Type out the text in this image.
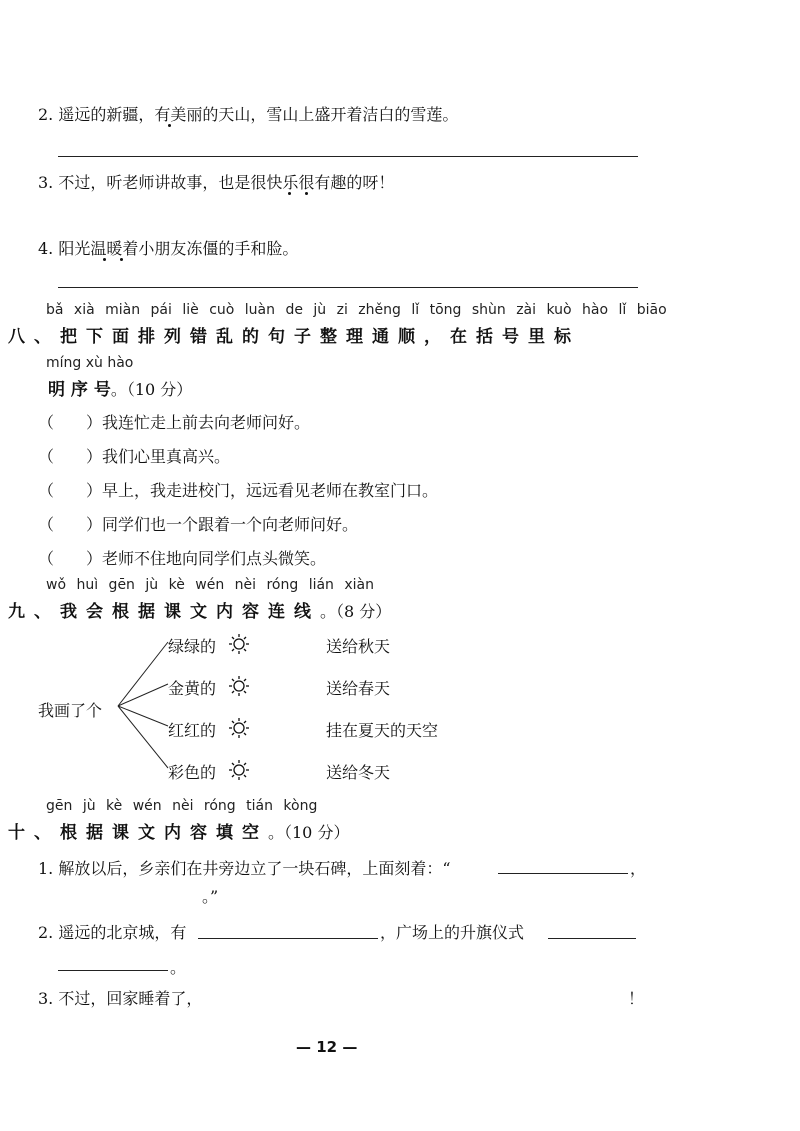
2. 遥远的新疆，有美丽的天山，雪山上盛开着洁白的雪莲。
3. 不过，听老师讲故事，也是很快乐很有趣的呀！
4. 阳光温暖着小朋友冻僵的手和脸。
bǎ xià miàn pái liè cuò luàn de jù zi zhěng lǐ tōng shùn zài kuò hào lǐ biāo
八、把下面排列错乱的句子整理通顺，在括号里标
míng xù hào
明 序 号。（10 分）
（　　）我连忙走上前去向老师问好。
（　　）我们心里真高兴。
（　　）早上，我走进校门，远远看见老师在教室门口。
（　　）同学们也一个跟着一个向老师问好。
（　　）老师不住地向同学们点头微笑。
wǒ huì gēn jù kè wén nèi róng lián xiàn
九、我会根据课文内容连线。（8 分）
我画了个
绿绿的
金黄的
红红的
彩色的
送给秋天
送给春天
挂在夏天的天空
送给冬天
gēn jù kè wén nèi róng tián kòng
十、根据课文内容填空。（10 分）
1. 解放以后，乡亲们在井旁边立了一块石碑，上面刻着：“	，
。”
2. 遥远的北京城，有	，广场上的升旗仪式
。
3. 不过，回家睡着了，	！
— 12 —
